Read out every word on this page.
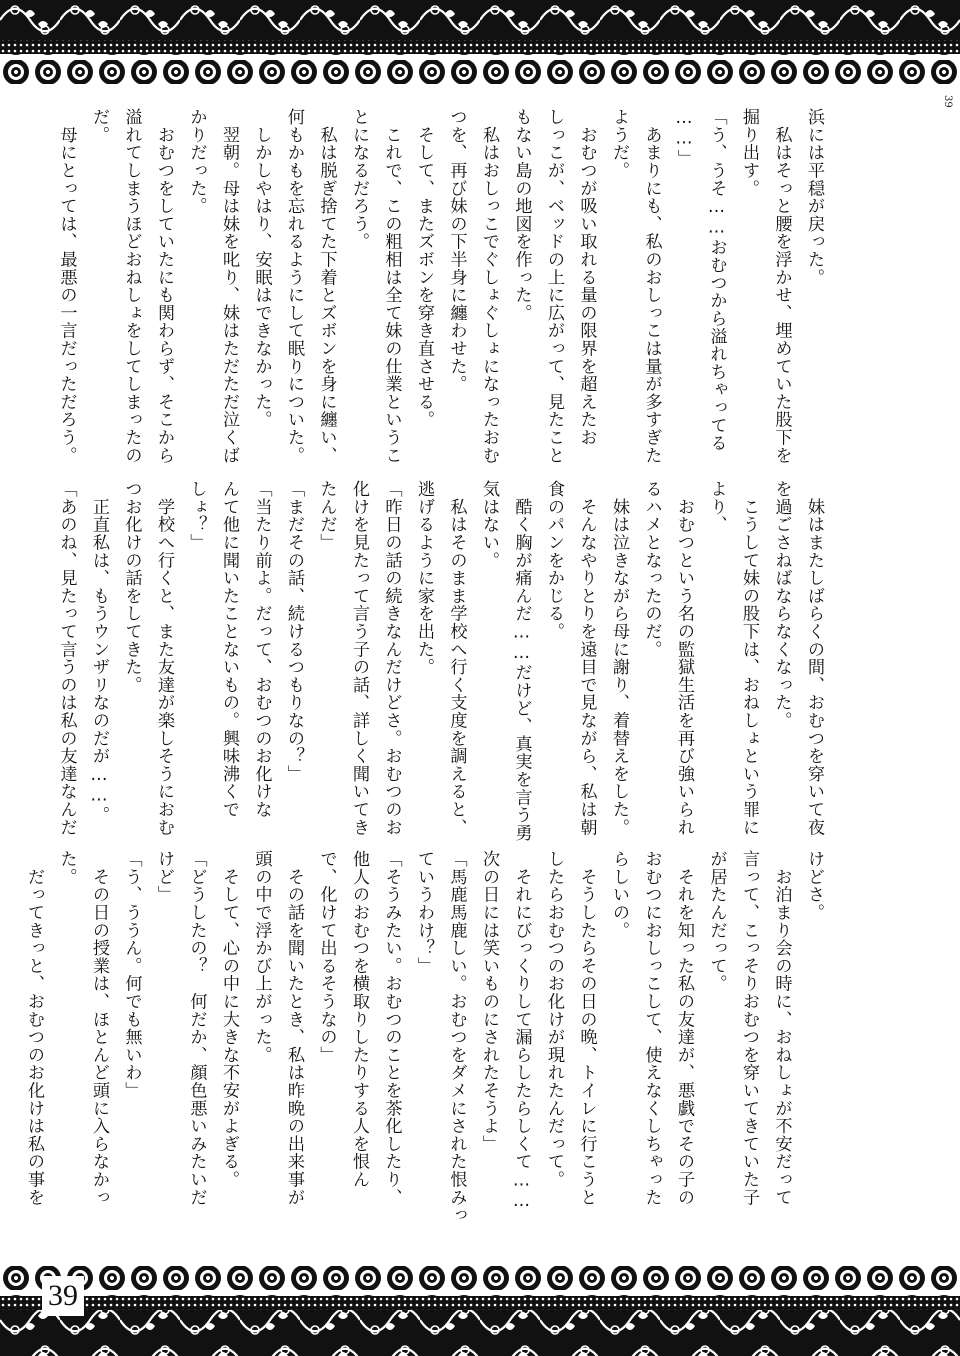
39
浜には平穏が戻った。
　私はそっと腰を浮かせ、埋めていた股下を
掘り出す。
「う、うそ……おむつから溢れちゃってる
……」
　あまりにも、私のおしっこは量が多すぎた
ようだ。
　おむつが吸い取れる量の限界を超えたお
しっこが、ベッドの上に広がって、見たこと
もない島の地図を作った。
　私はおしっこでぐしょぐしょになったおむ
つを、再び妹の下半身に纏わせた。
　そして、またズボンを穿き直させる。
　これで、この粗相は全て妹の仕業というこ
とになるだろう。
　私は脱ぎ捨てた下着とズボンを身に纏い、
何もかもを忘れるようにして眠りについた。
　しかしやはり、安眠はできなかった。
　翌朝。母は妹を叱り、妹はただただ泣くば
かりだった。
　おむつをしていたにも関わらず、そこから
溢れてしまうほどおねしょをしてしまったの
だ。
　母にとっては、最悪の一言だっただろう。
　妹はまたしばらくの間、おむつを穿いて夜
を過ごさねばならなくなった。
　こうして妹の股下は、おねしょという罪に
より、
　おむつという名の監獄生活を再び強いられ
るハメとなったのだ。
　妹は泣きながら母に謝り、着替えをした。
　そんなやりとりを遠目で見ながら、私は朝
食のパンをかじる。
　酷く胸が痛んだ……だけど、真実を言う勇
気はない。
　私はそのまま学校へ行く支度を調えると、
逃げるように家を出た。
「昨日の話の続きなんだけどさ。おむつのお
化けを見たって言う子の話、詳しく聞いてき
たんだ」
「まだその話、続けるつもりなの？」
「当たり前よ。だって、おむつのお化けな
んて他に聞いたことないもの。興味沸くで
しょ？」
　学校へ行くと、また友達が楽しそうにおむ
つお化けの話をしてきた。
　正直私は、もうウンザリなのだが……。
「あのね、見たって言うのは私の友達なんだ
けどさ。
　お泊まり会の時に、おねしょが不安だって
言って、こっそりおむつを穿いてきていた子
が居たんだって。
　それを知った私の友達が、悪戯でその子の
おむつにおしっこして、使えなくしちゃった
らしいの。
　そうしたらその日の晩、トイレに行こうと
したらおむつのお化けが現れたんだって。
　それにびっくりして漏らしたらしくて……
次の日には笑いものにされたそうよ」
「馬鹿馬鹿しい。おむつをダメにされた恨みっ
ていうわけ？」
「そうみたい。おむつのことを茶化したり、
他人のおむつを横取りしたりする人を恨ん
で、化けて出るそうなの」
　その話を聞いたとき、私は昨晩の出来事が
頭の中で浮かび上がった。
　そして、心の中に大きな不安がよぎる。
「どうしたの？　何だか、顔色悪いみたいだ
けど」
「う、ううん。何でも無いわ」
　その日の授業は、ほとんど頭に入らなかっ
た。
　だってきっと、おむつのお化けは私の事を
39
